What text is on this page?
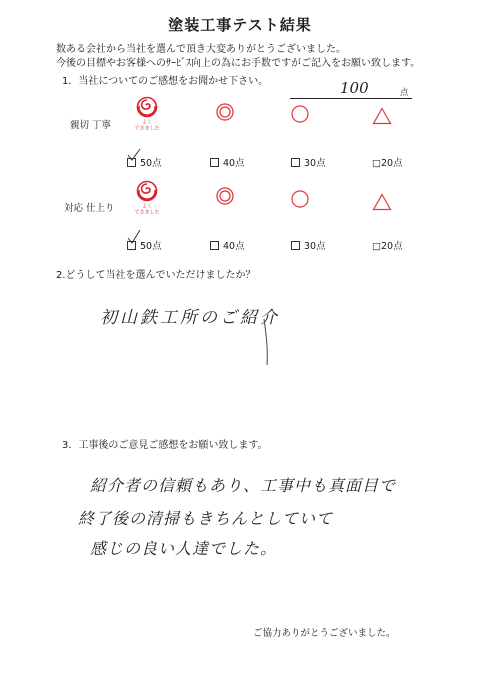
塗装工事テスト結果
数ある会社から当社を選んで頂き大変ありがとうございました。
今後の目標やお客様へのｻｰﾋﾞｽ向上の為にお手数ですがご記入をお願い致します。
1．当社についてのご感想をお聞かせ下さい。	100	点
親切 丁寧	よく
できました
50点	40点	30点	□20点
対応 仕上り	よく
できました
50点	40点	30点	□20点
2.どうして当社を選んでいただけましたか？
初山鉄工所のご紹介
3．工事後のご意見ご感想をお願い致します。
紹介者の信頼もあり、工事中も真面目で
終了後の清掃もきちんとしていて
感じの良い人達でした。
ご協力ありがとうございました。
